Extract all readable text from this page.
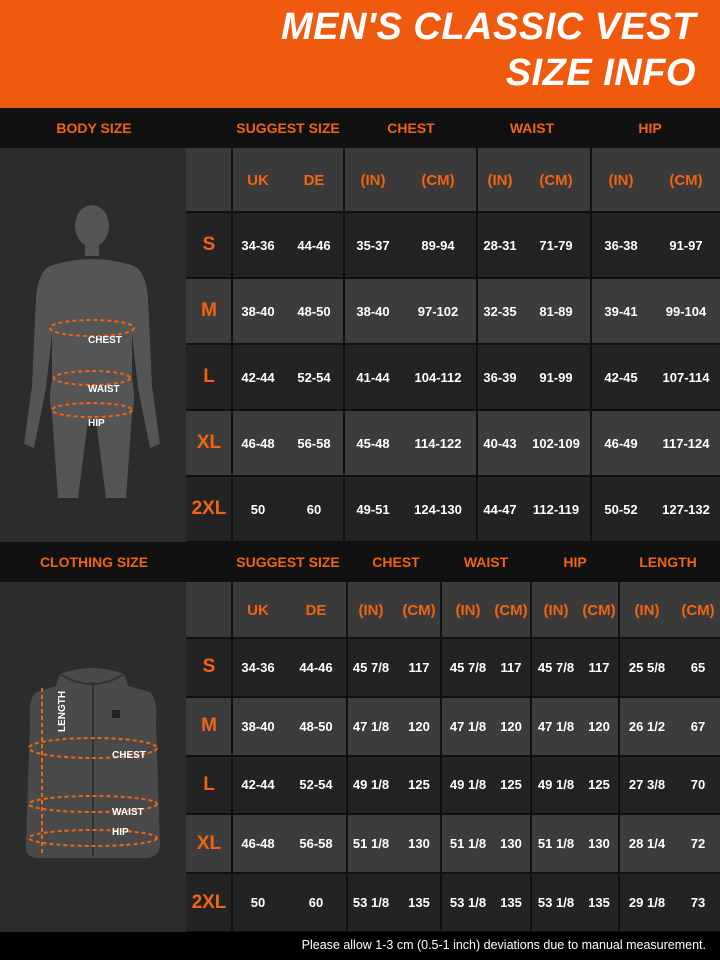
MEN'S CLASSIC VEST
SIZE INFO
BODY SIZE	SUGGEST SIZE	CHEST	WAIST	HIP
CHEST
WAIST
HIP
UK	DE	(IN)	(CM)	(IN)	(CM)	(IN)	(CM)
S	34-36	44-46	35-37	89-94	28-31	71-79	36-38	91-97
M	38-40	48-50	38-40	97-102	32-35	81-89	39-41	99-104
L	42-44	52-54	41-44	104-112	36-39	91-99	42-45	107-114
XL	46-48	56-58	45-48	114-122	40-43	102-109	46-49	117-124
2XL	50	60	49-51	124-130	44-47	112-119	50-52	127-132
CLOTHING SIZE	SUGGEST SIZE CHEST	WAIST	HIP	LENGTH
LENGTH
CHEST
WAIST
HIP
UK	DE	(IN)	(CM)	(IN) (CM)	(IN) (CM)	(IN)	(CM)
S	34-36	44-46	45 7/8	117	45 7/8	117	45 7/8	117	25 5/8	65
M	38-40	48-50	47 1/8	120	47 1/8	120	47 1/8	120	26 1/2	67
L	42-44	52-54	49 1/8	125	49 1/8	125	49 1/8	125	27 3/8	70
XL	46-48	56-58	51 1/8	130	51 1/8	130	51 1/8	130	28 1/4	72
2XL	50	60	53 1/8	135	53 1/8	135	53 1/8	135	29 1/8	73
Please allow 1-3 cm (0.5-1 inch) deviations due to manual measurement.
